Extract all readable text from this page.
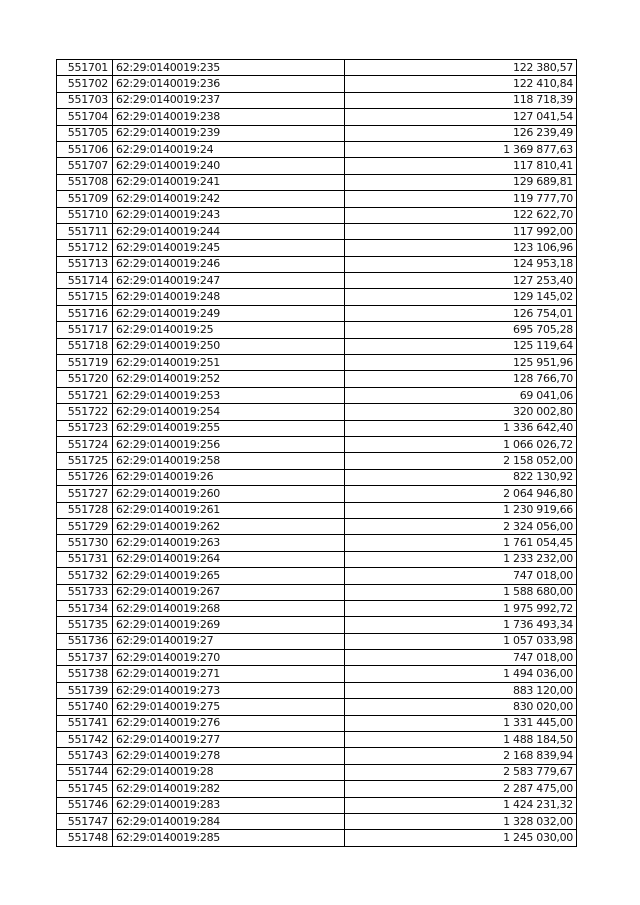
551701	62:29:0140019:235	122 380,57
551702	62:29:0140019:236	122 410,84
551703	62:29:0140019:237	118 718,39
551704	62:29:0140019:238	127 041,54
551705	62:29:0140019:239	126 239,49
551706	62:29:0140019:24	1 369 877,63
551707	62:29:0140019:240	117 810,41
551708	62:29:0140019:241	129 689,81
551709	62:29:0140019:242	119 777,70
551710	62:29:0140019:243	122 622,70
551711	62:29:0140019:244	117 992,00
551712	62:29:0140019:245	123 106,96
551713	62:29:0140019:246	124 953,18
551714	62:29:0140019:247	127 253,40
551715	62:29:0140019:248	129 145,02
551716	62:29:0140019:249	126 754,01
551717	62:29:0140019:25	695 705,28
551718	62:29:0140019:250	125 119,64
551719	62:29:0140019:251	125 951,96
551720	62:29:0140019:252	128 766,70
551721	62:29:0140019:253	69 041,06
551722	62:29:0140019:254	320 002,80
551723	62:29:0140019:255	1 336 642,40
551724	62:29:0140019:256	1 066 026,72
551725	62:29:0140019:258	2 158 052,00
551726	62:29:0140019:26	822 130,92
551727	62:29:0140019:260	2 064 946,80
551728	62:29:0140019:261	1 230 919,66
551729	62:29:0140019:262	2 324 056,00
551730	62:29:0140019:263	1 761 054,45
551731	62:29:0140019:264	1 233 232,00
551732	62:29:0140019:265	747 018,00
551733	62:29:0140019:267	1 588 680,00
551734	62:29:0140019:268	1 975 992,72
551735	62:29:0140019:269	1 736 493,34
551736	62:29:0140019:27	1 057 033,98
551737	62:29:0140019:270	747 018,00
551738	62:29:0140019:271	1 494 036,00
551739	62:29:0140019:273	883 120,00
551740	62:29:0140019:275	830 020,00
551741	62:29:0140019:276	1 331 445,00
551742	62:29:0140019:277	1 488 184,50
551743	62:29:0140019:278	2 168 839,94
551744	62:29:0140019:28	2 583 779,67
551745	62:29:0140019:282	2 287 475,00
551746	62:29:0140019:283	1 424 231,32
551747	62:29:0140019:284	1 328 032,00
551748	62:29:0140019:285	1 245 030,00
